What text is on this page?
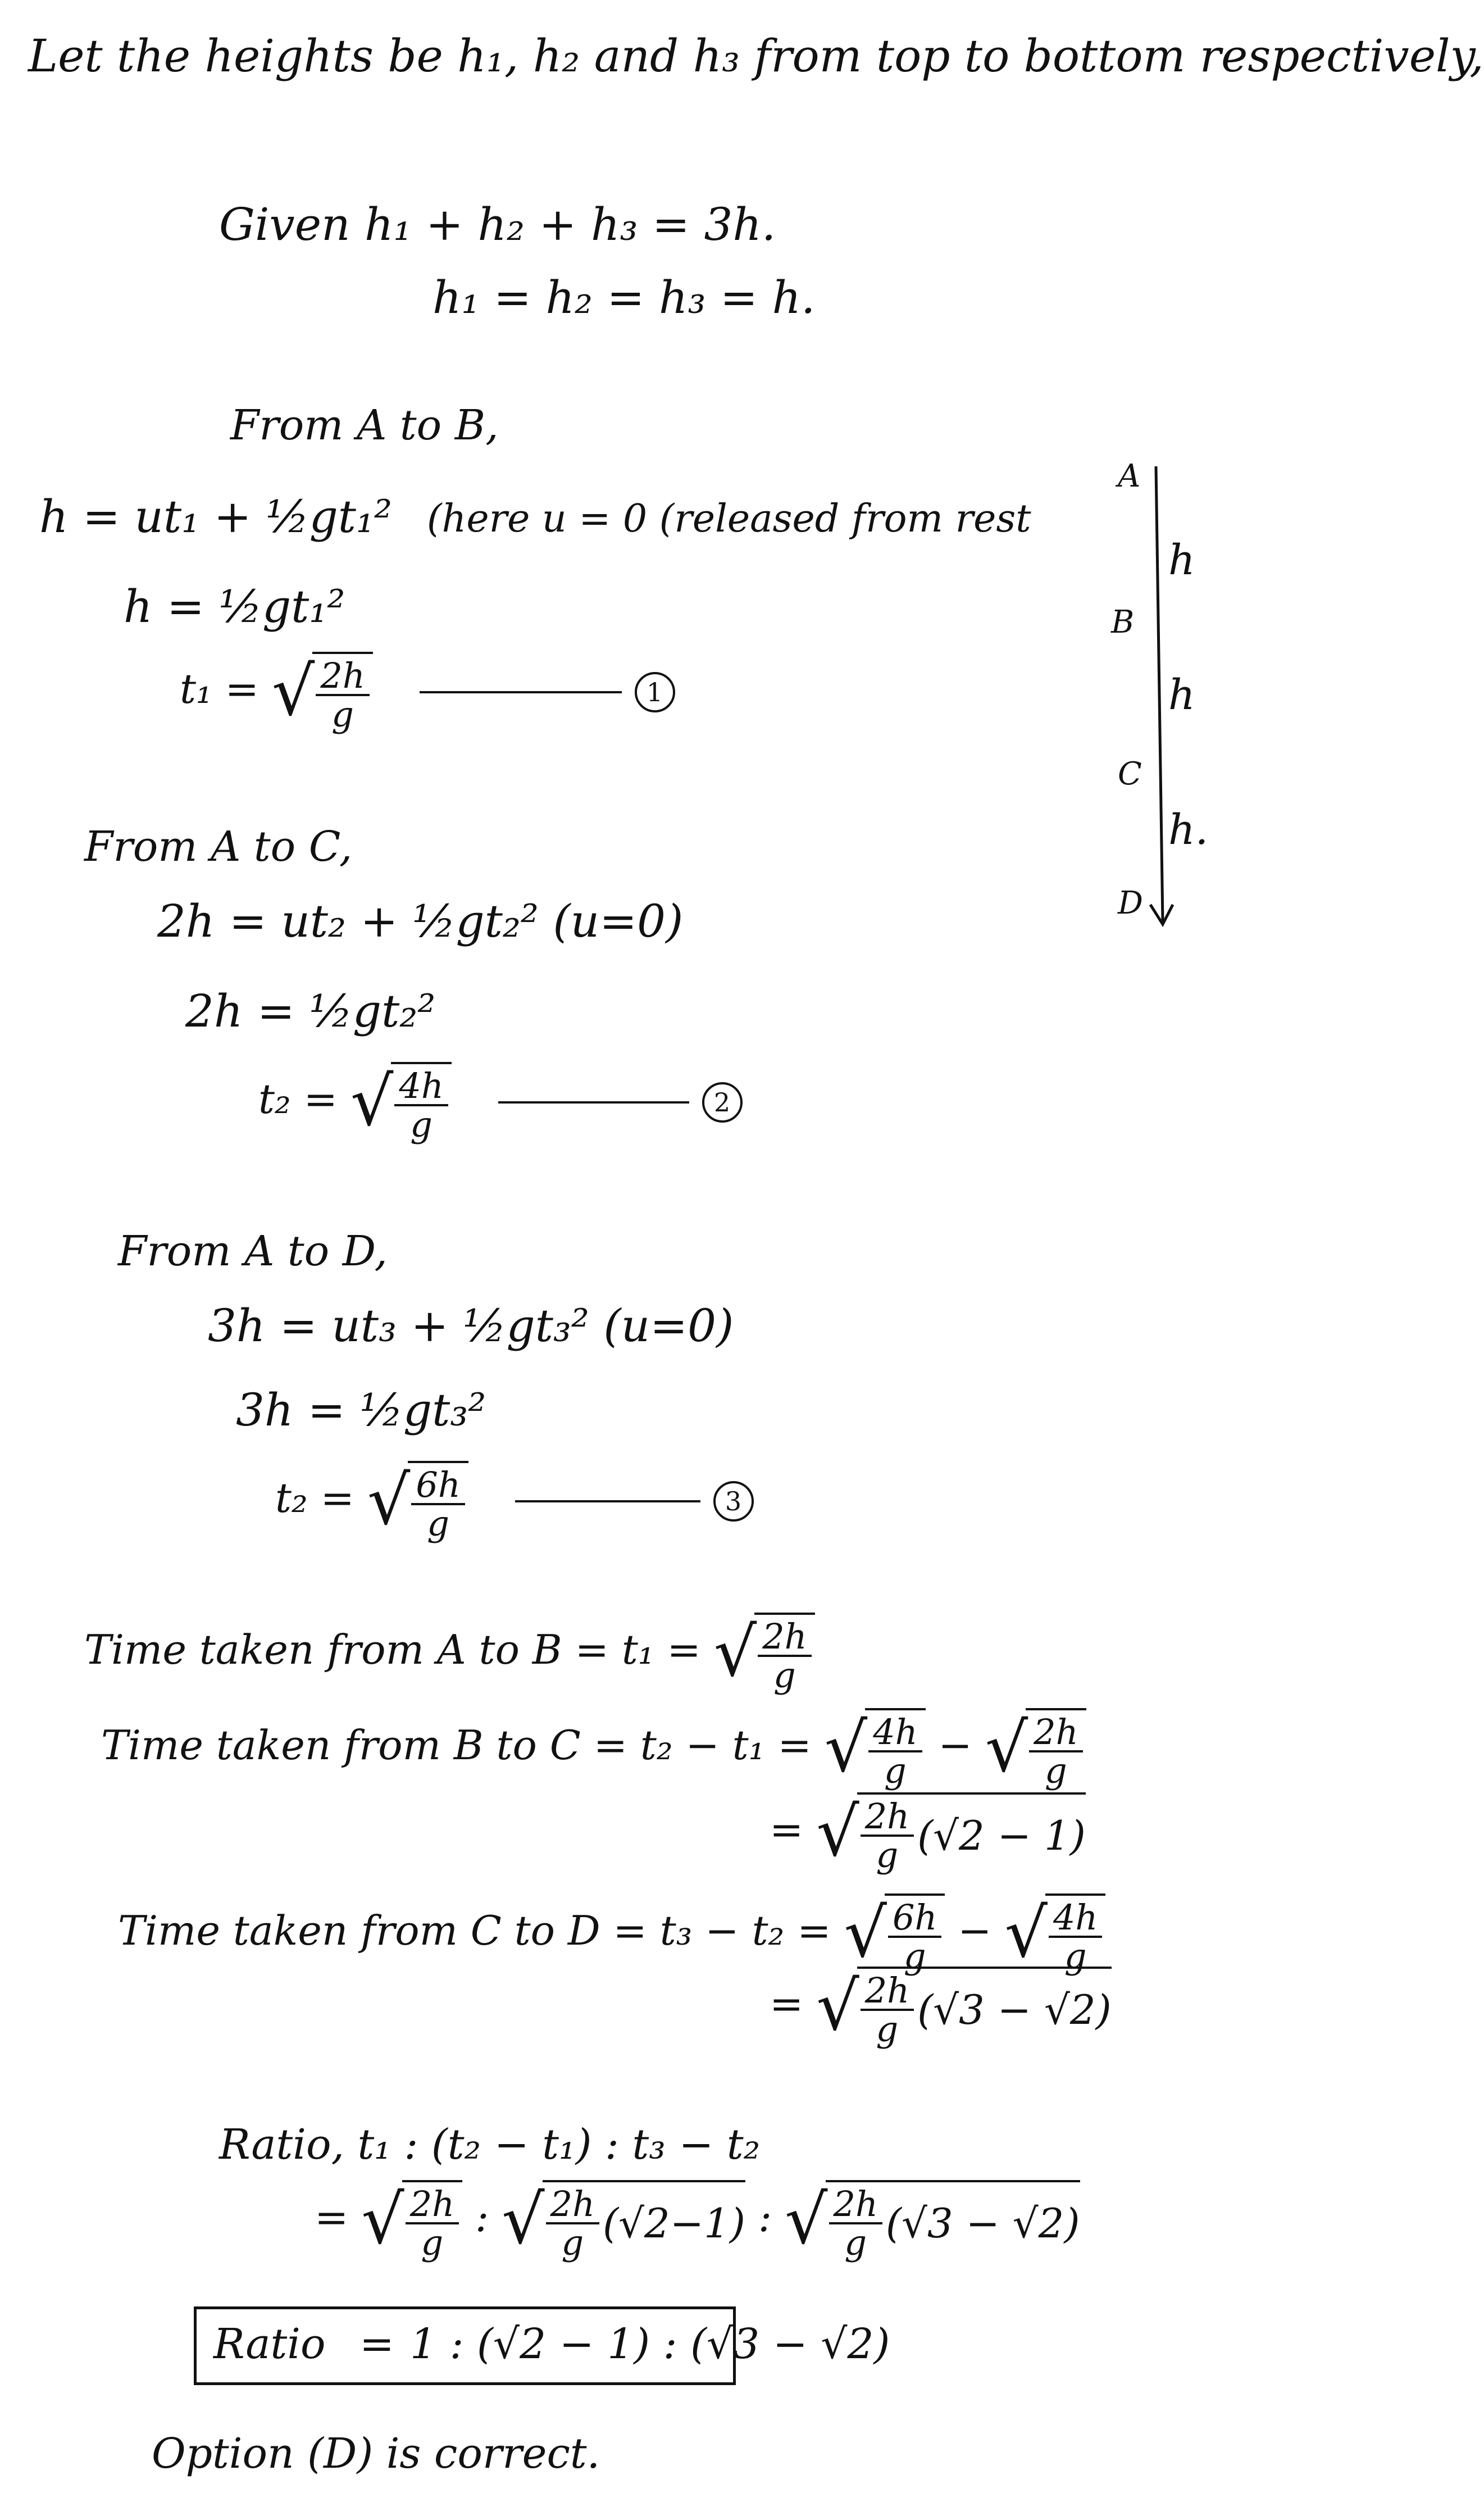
Let the heights be h₁, h₂ and h₃ from top to bottom respectively,
Given h₁ + h₂ + h₃ = 3h.
h₁ = h₂ = h₃ = h.
A
B
C
D
h
h
h.
From A to B,
h = ut₁ + ½gt₁² (here u = 0 (released from rest
h = ½gt₁²
t₁ = √ $\frac{2h}{g}$	1
From A to C,
2h = ut₂ + ½gt₂² (u=0)
2h = ½gt₂²
t₂ = √ $\frac{4h}{g}$	2
From A to D,
3h = ut₃ + ½gt₃² (u=0)
3h = ½gt₃²
t₂ = √ $\frac{6h}{g}$	3
Time taken from A to B = t₁ = √ $\frac{2h}{g}$
Time taken from B to C = t₂ − t₁ = √ $\frac{4h}{g}$ − √ $\frac{2h}{g}$
= √ $\frac{2h}{g} (√2 - 1)$
Time taken from C to D = t₃ − t₂ = √ $\frac{6h}{g}$ − √ $\frac{4h}{g}$
= √ $\frac{2h}{g} (√3 - √2)$
Ratio, t₁ : (t₂ − t₁) : t₃ − t₂
= √ $\frac{2h}{g}$ : √ $\frac{2h}{g} (√2-1)$ : √ $\frac{2h}{g} (√3 - √2)$
Ratio = 1 : (√2 − 1) : (√3 − √2)
Option (D) is correct.
